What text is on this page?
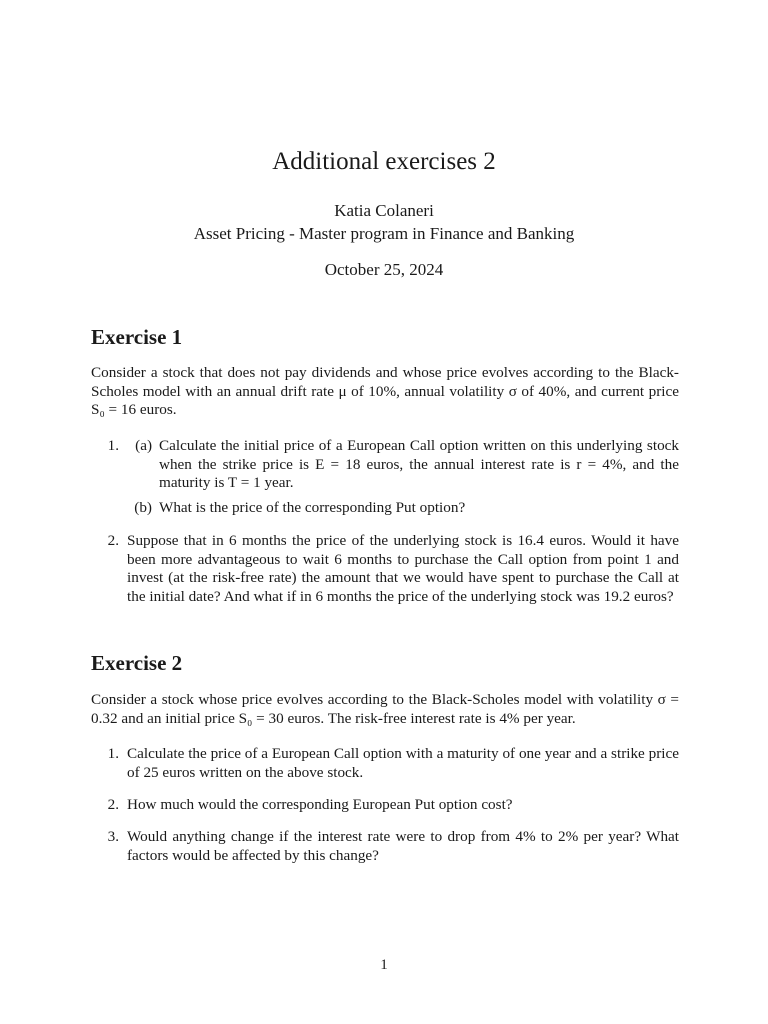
Additional exercises 2
Katia Colaneri
Asset Pricing - Master program in Finance and Banking
October 25, 2024
Exercise 1
Consider a stock that does not pay dividends and whose price evolves according to the Black-Scholes model with an annual drift rate μ of 10%, annual volatility σ of 40%, and current price S₀ = 16 euros.
1.	(a) Calculate the initial price of a European Call option written on this underlying stock when the strike price is E = 18 euros, the annual interest rate is r = 4%, and the maturity is T = 1 year.
(b) What is the price of the corresponding Put option?
2. Suppose that in 6 months the price of the underlying stock is 16.4 euros. Would it have been more advantageous to wait 6 months to purchase the Call option from point 1 and invest (at the risk-free rate) the amount that we would have spent to purchase the Call at the initial date? And what if in 6 months the price of the underlying stock was 19.2 euros?
Exercise 2
Consider a stock whose price evolves according to the Black-Scholes model with volatility σ = 0.32 and an initial price S₀ = 30 euros. The risk-free interest rate is 4% per year.
1. Calculate the price of a European Call option with a maturity of one year and a strike price of 25 euros written on the above stock.
2. How much would the corresponding European Put option cost?
3. Would anything change if the interest rate were to drop from 4% to 2% per year? What factors would be affected by this change?
1
